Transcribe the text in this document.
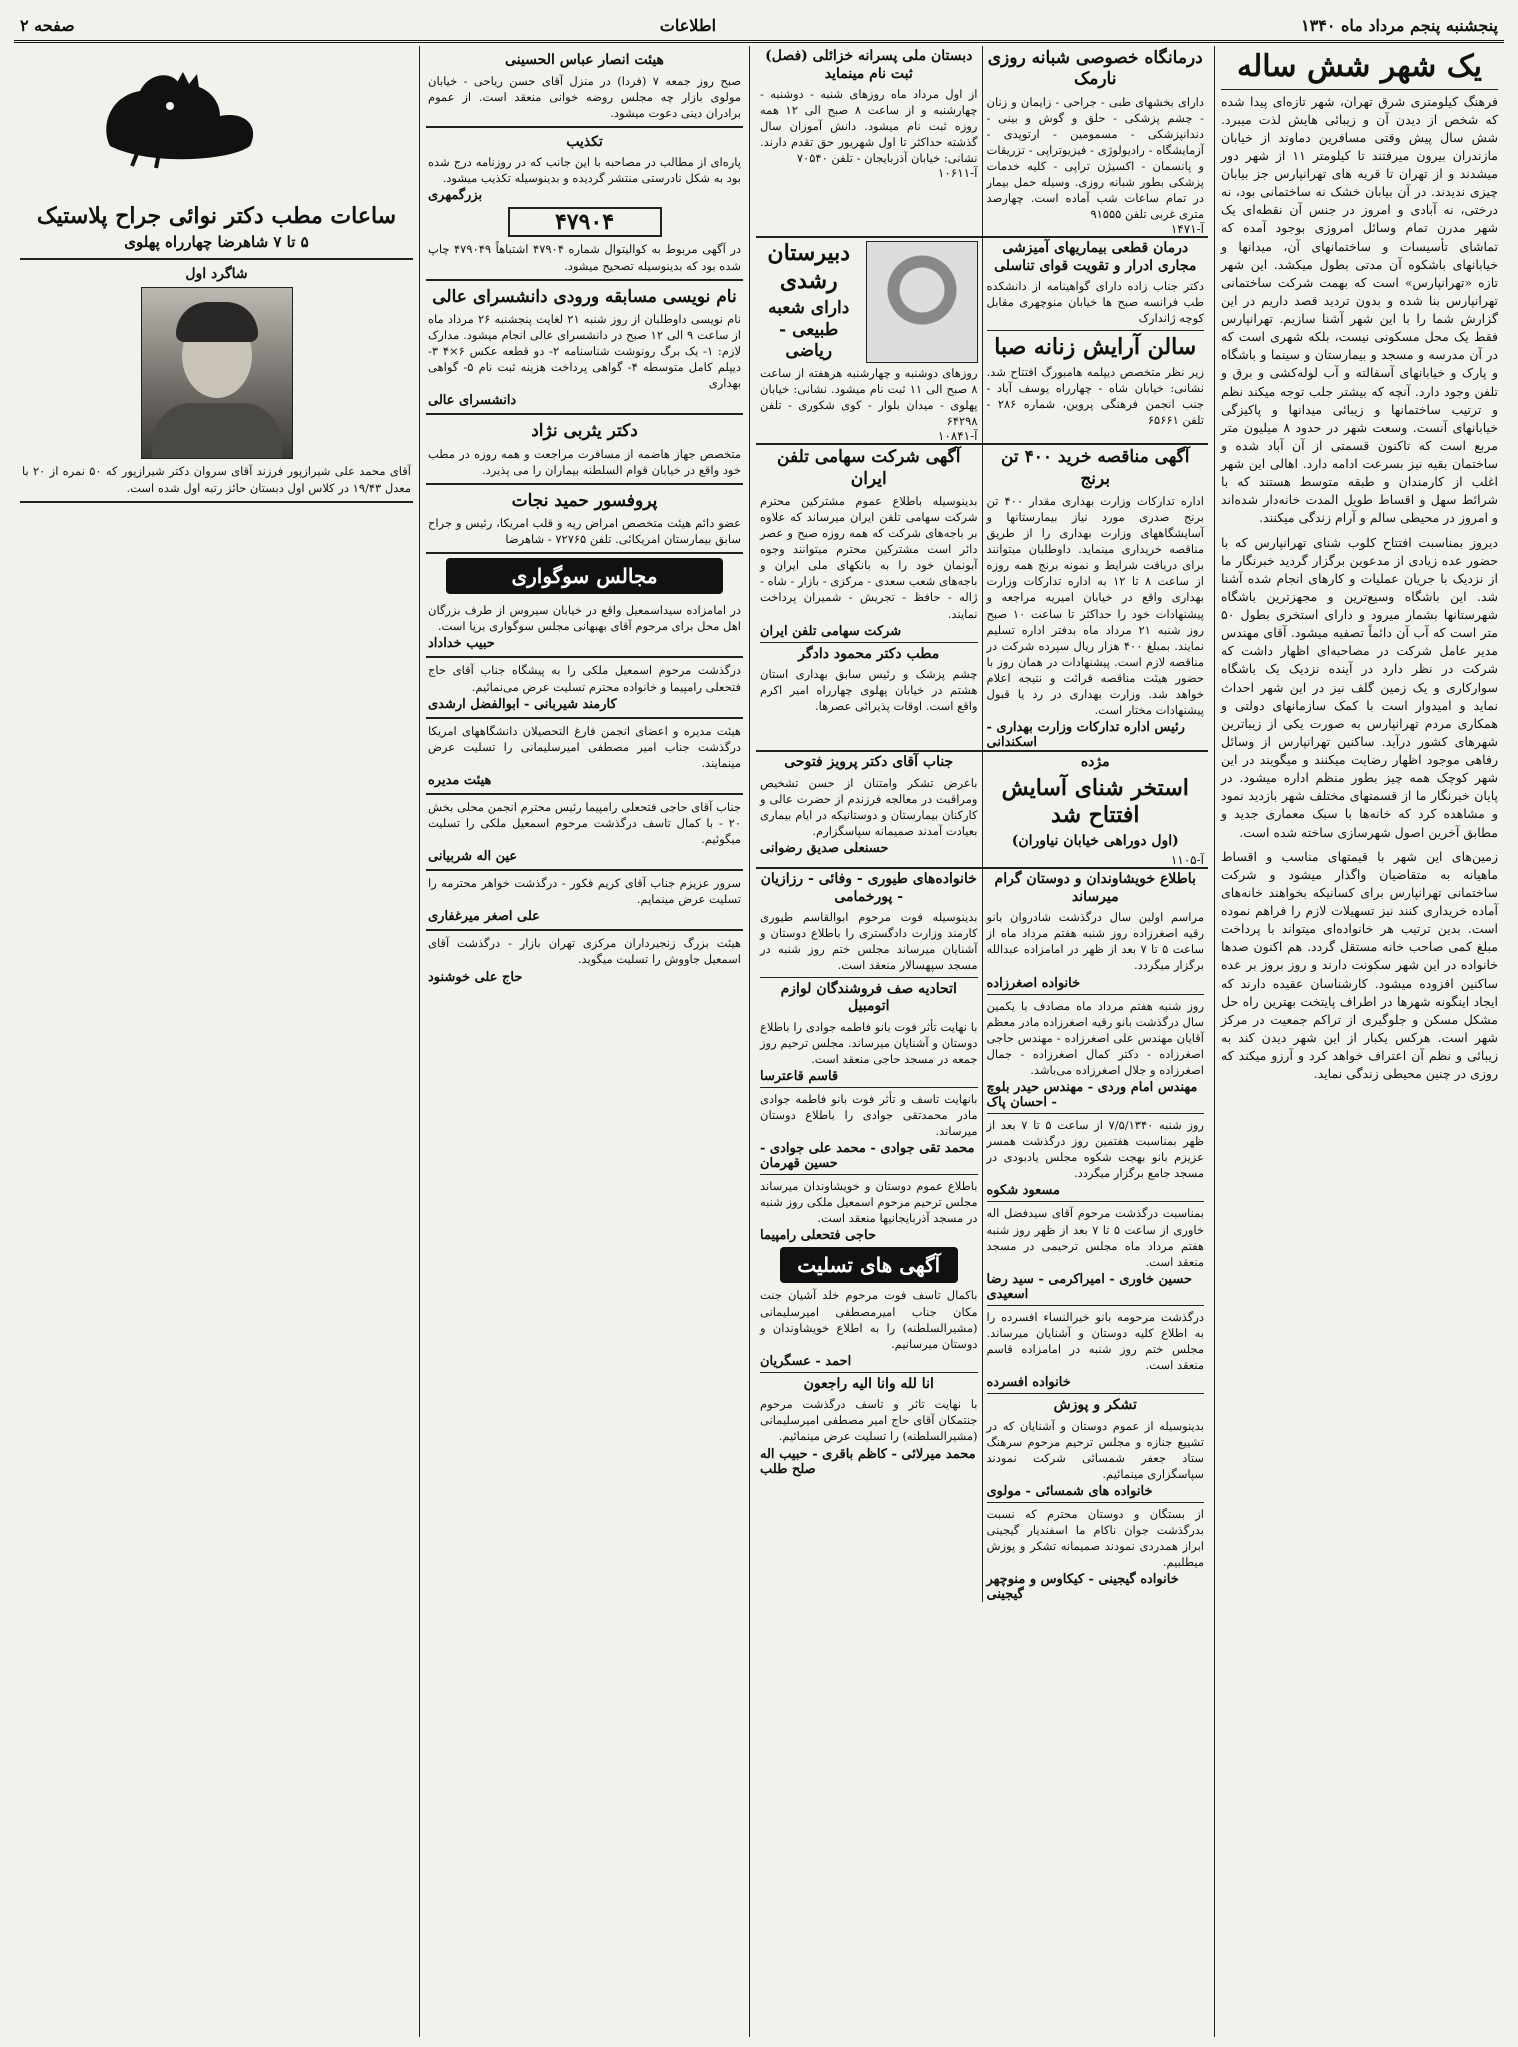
پنجشنبه پنجم مرداد ماه ۱۳۴۰
اطلاعات
صفحه ۲
یک شهر شش ساله
فرهنگ کیلومتری شرق تهران، شهر تازه‌ای پیدا شده که شخص از دیدن آن و زیبائی هایش لذت میبرد. شش سال پیش وقتی مسافرین دماوند از خیابان مازندران بیرون میرفتند تا کیلومتر ۱۱ از شهر دور میشدند و از تهران تا قریه های تهرانپارس جز بیابان چیزی ندیدند. در آن بیابان خشک نه ساختمانی بود، نه درختی، نه آبادی و امروز در جنس آن نقطه‌ای یک شهر مدرن تمام وسائل امروزی بوجود آمده که تماشای تأسیسات و ساختمانهای آن، میدانها و خیابانهای باشکوه آن مدتی بطول میکشد. این شهر تازه «تهرانپارس» است که بهمت شرکت ساختمانی تهرانپارس بنا شده و بدون تردید قصد داریم در این گزارش شما را با این شهر آشنا سازیم. تهرانپارس فقط یک محل مسکونی نیست، بلکه شهری است که در آن مدرسه و مسجد و بیمارستان و سینما و باشگاه و پارک و خیابانهای آسفالته و آب لوله‌کشی و برق و تلفن وجود دارد. آنچه که بیشتر جلب توجه میکند نظم و ترتیب ساختمانها و زیبائی میدانها و پاکیزگی خیابانهای آنست. وسعت شهر در حدود ۸ میلیون متر مربع است که تاکنون قسمتی از آن آباد شده و ساختمان بقیه نیز بسرعت ادامه دارد. اهالی این شهر اغلب از کارمندان و طبقه متوسط هستند که با شرائط سهل و اقساط طویل المدت خانه‌دار شده‌اند و امروز در محیطی سالم و آرام زندگی میکنند.
دیروز بمناسبت افتتاح کلوب شنای تهرانپارس که با حضور عده زیادی از مدعوین برگزار گردید خبرنگار ما از نزدیک با جریان عملیات و کارهای انجام شده آشنا شد. این باشگاه وسیع‌ترین و مجهزترین باشگاه شهرستانها بشمار میرود و دارای استخری بطول ۵۰ متر است که آب آن دائماً تصفیه میشود. آقای مهندس مدیر عامل شرکت در مصاحبه‌ای اظهار داشت که شرکت در نظر دارد در آینده نزدیک یک باشگاه سوارکاری و یک زمین گلف نیز در این شهر احداث نماید و امیدوار است با کمک سازمانهای دولتی و همکاری مردم تهرانپارس به صورت یکی از زیباترین شهرهای کشور درآید. ساکنین تهرانپارس از وسائل رفاهی موجود اظهار رضایت میکنند و میگویند در این شهر کوچک همه چیز بطور منظم اداره میشود. در پایان خبرنگار ما از قسمتهای مختلف شهر بازدید نمود و مشاهده کرد که خانه‌ها با سبک معماری جدید و مطابق آخرین اصول شهرسازی ساخته شده است.
زمین‌های این شهر با قیمتهای مناسب و اقساط ماهیانه به متقاضیان واگذار میشود و شرکت ساختمانی تهرانپارس برای کسانیکه بخواهند خانه‌های آماده خریداری کنند نیز تسهیلات لازم را فراهم نموده است. بدین ترتیب هر خانواده‌ای میتواند با پرداخت مبلغ کمی صاحب خانه مستقل گردد. هم اکنون صدها خانواده در این شهر سکونت دارند و روز بروز بر عده ساکنین افزوده میشود. کارشناسان عقیده دارند که ایجاد اینگونه شهرها در اطراف پایتخت بهترین راه حل مشکل مسکن و جلوگیری از تراکم جمعیت در مرکز شهر است. هرکس یکبار از این شهر دیدن کند به زیبائی و نظم آن اعتراف خواهد کرد و آرزو میکند که روزی در چنین محیطی زندگی نماید.
درمانگاه خصوصی شبانه روزی نارمک
دارای بخشهای طبی - جراحی - زایمان و زنان - چشم پزشکی - حلق و گوش و بینی - دندانپزشکی - مسمومین - ارتوپدی - آزمایشگاه - رادیولوژی - فیزیوتراپی - تزریقات و پانسمان - اکسیژن تراپی - کلیه خدمات پزشکی بطور شبانه روزی. وسیله حمل بیمار در تمام ساعات شب آماده است. چهارصد متری غربی تلفن ۹۱۵۵۵
آ-۱۴۷۱
دبستان ملی پسرانه خزائلی (فصل) ثبت نام مینماید
از اول مرداد ماه روزهای شنبه - دوشنبه - چهارشنبه و از ساعت ۸ صبح الی ۱۲ همه روزه ثبت نام میشود. دانش آموزان سال گذشته حداکثر تا اول شهریور حق تقدم دارند. نشانی: خیابان آذربایجان - تلفن ۷۰۵۴۰
آ-۱۰۶۱۱
درمان قطعی بیماریهای آمیزشی مجاری ادرار و تقویت قوای تناسلی
دکتر جناب زاده دارای گواهینامه از دانشکده طب فرانسه صبح ها خیابان منوچهری مقابل کوچه ژاندارک
سالن آرایش زنانه صبا
زیر نظر متخصص دیپلمه هامبورگ افتتاح شد. نشانی: خیابان شاه - چهارراه یوسف آباد - جنب انجمن فرهنگی پروین، شماره ۲۸۶ - تلفن ۶۵۶۶۱
دبیرستان رشدی
دارای شعبه طبیعی - ریاضی
روزهای دوشنبه و چهارشنبه هرهفته از ساعت ۸ صبح الی ۱۱ ثبت نام میشود. نشانی: خیابان پهلوی - میدان بلوار - کوی شکوری - تلفن ۶۴۲۹۸
آ-۱۰۸۴۱
آگهی مناقصه خرید ۴۰۰ تن برنج
اداره تدارکات وزارت بهداری مقدار ۴۰۰ تن برنج صدری مورد نیاز بیمارستانها و آسایشگاههای وزارت بهداری را از طریق مناقصه خریداری مینماید. داوطلبان میتوانند برای دریافت شرایط و نمونه برنج همه روزه از ساعت ۸ تا ۱۲ به اداره تدارکات وزارت بهداری واقع در خیابان امیریه مراجعه و پیشنهادات خود را حداکثر تا ساعت ۱۰ صبح روز شنبه ۲۱ مرداد ماه بدفتر اداره تسلیم نمایند. بمبلغ ۴۰۰ هزار ریال سپرده شرکت در مناقصه لازم است. پیشنهادات در همان روز با حضور هیئت مناقصه قرائت و نتیجه اعلام خواهد شد. وزارت بهداری در رد یا قبول پیشنهادات مختار است.
رئیس اداره تدارکات وزارت بهداری - اسکندانی
آگهی شرکت سهامی تلفن ایران
بدینوسیله باطلاع عموم مشترکین محترم شرکت سهامی تلفن ایران میرساند که علاوه بر باجه‌های شرکت که همه روزه صبح و عصر دائر است مشترکین محترم میتوانند وجوه آبونمان خود را به بانکهای ملی ایران و باجه‌های شعب سعدی - مرکزی - بازار - شاه - ژاله - حافظ - تجریش - شمیران پرداخت نمایند.
شرکت سهامی تلفن ایران
مطب دکتر محمود دادگر
چشم پزشک و رئیس سابق بهداری استان هشتم در خیابان پهلوی چهارراه امیر اکرم واقع است. اوقات پذیرائی عصرها.
مژده
استخر شنای آسایش افتتاح شد
(اول دوراهی خیابان نیاوران)
آ-۱۱۰۵
جناب آقای دکتر پرویز فتوحی
باعرض تشکر وامتنان از حسن تشخیص ومراقبت در معالجه فرزندم از حضرت عالی و کارکنان بیمارستان و دوستانیکه در ایام بیماری بعیادت آمدند صمیمانه سپاسگزارم.
حسنعلی صدیق رضوانی
باطلاع خویشاوندان و دوستان گرام میرساند
مراسم اولین سال درگذشت شادروان بانو رقیه اصغرزاده روز شنبه هفتم مرداد ماه از ساعت ۵ تا ۷ بعد از ظهر در امامزاده عبدالله برگزار میگردد.
خانواده اصغرزاده
روز شنبه هفتم مرداد ماه مصادف با یکمین سال درگذشت بانو رقیه اصغرزاده مادر معظم آقایان مهندس علی اصغرزاده - مهندس حاجی اصغرزاده - دکتر کمال اصغرزاده - جمال اصغرزاده و جلال اصغرزاده می‌باشد.
مهندس امام وردی - مهندس حیدر بلوچ - احسان پاک
روز شنبه ۷/۵/۱۳۴۰ از ساعت ۵ تا ۷ بعد از ظهر بمناسبت هفتمین روز درگذشت همسر عزیزم بانو بهجت شکوه مجلس یادبودی در مسجد جامع برگزار میگردد.
مسعود شکوه
بمناسبت درگذشت مرحوم آقای سیدفضل اله خاوری از ساعت ۵ تا ۷ بعد از ظهر روز شنبه هفتم مرداد ماه مجلس ترحیمی در مسجد منعقد است.
حسین خاوری - امیراکرمی - سید رضا اسعیدی
درگذشت مرحومه بانو خیرالنساء افسرده را به اطلاع کلیه دوستان و آشنایان میرساند. مجلس ختم روز شنبه در امامزاده قاسم منعقد است.
خانواده افسرده
تشکر و پوزش
بدینوسیله از عموم دوستان و آشنایان که در تشییع جنازه و مجلس ترحیم مرحوم سرهنگ ستاد جعفر شمسائی شرکت نمودند سپاسگزاری مینمائیم.
خانواده های شمسائی - مولوی
از بستگان و دوستان محترم که نسبت بدرگذشت جوان ناکام ما اسفندیار گیجینی ابراز همدردی نمودند صمیمانه تشکر و پوزش میطلبیم.
خانواده گیجینی - کیکاوس و منوچهر گیجینی
خانواده‌های طیوری - وفائی - رزازیان - پورخمامی
بدینوسیله فوت مرحوم ابوالقاسم طیوری کارمند وزارت دادگستری را باطلاع دوستان و آشنایان میرساند مجلس ختم روز شنبه در مسجد سپهسالار منعقد است.
اتحادیه صف فروشندگان لوازم اتومبیل
با نهایت تأثر فوت بانو فاطمه جوادی را باطلاع دوستان و آشنایان میرساند. مجلس ترحیم روز جمعه در مسجد حاجی منعقد است.
قاسم قاعترسا
بانهایت تاسف و تأثر فوت بانو فاطمه جوادی مادر محمدتقی جوادی را باطلاع دوستان میرساند.
محمد تقی جوادی - محمد علی جوادی - حسین قهرمان
باطلاع عموم دوستان و خویشاوندان میرساند مجلس ترحیم مرحوم اسمعیل ملکی روز شنبه در مسجد آذربایجانیها منعقد است.
حاجی فتحعلی رامپیما
آگهی های تسلیت
باکمال تاسف فوت مرحوم خلد آشیان جنت مکان جناب امیرمصطفی امیرسلیمانی (مشیرالسلطنه) را به اطلاع خویشاوندان و دوستان میرسانیم.
احمد - عسگریان
انا لله وانا الیه راجعون
با نهایت تاثر و تاسف درگذشت مرحوم جنتمکان آقای حاج امیر مصطفی امیرسلیمانی (مشیرالسلطنه) را تسلیت عرض مینمائیم.
محمد میرلائی - کاظم باقری - حبیب اله صلح طلب
هیئت انصار عباس الحسینی
صبح روز جمعه ۷ (فردا) در منزل آقای حسن ریاحی - خیابان مولوی بازار چه مجلس روضه خوانی منعقد است. از عموم برادران دینی دعوت میشود.
تکذیب
پاره‌ای از مطالب در مصاحبه با این جانب که در روزنامه درج شده بود به شکل نادرستی منتشر گردیده و بدینوسیله تکذیب میشود.
بزرگمهری
۴۷۹۰۴
در آگهی مربوط به کوالیتوال شماره ۴۷۹۰۴ اشتباهاً ۴۷۹۰۴۹ چاپ شده بود که بدینوسیله تصحیح میشود.
نام نویسی مسابقه ورودی دانشسرای عالی
نام نویسی داوطلبان از روز شنبه ۲۱ لغایت پنجشنبه ۲۶ مرداد ماه از ساعت ۹ الی ۱۲ صبح در دانشسرای عالی انجام میشود. مدارک لازم: ۱- یک برگ رونوشت شناسنامه ۲- دو قطعه عکس ۶×۴ ۳- دیپلم کامل متوسطه ۴- گواهی پرداخت هزینه ثبت نام ۵- گواهی بهداری
دانشسرای عالی
دکتر یثربی نژاد
متخصص جهاز هاضمه از مسافرت مراجعت و همه روزه در مطب خود واقع در خیابان قوام السلطنه بیماران را می پذیرد.
پروفسور حمید نجات
عضو دائم هیئت متخصص امراض ریه و قلب امریکا، رئیس و جراح سابق بیمارستان امریکائی. تلفن ۷۲۷۶۵ - شاهرضا
مجالس سوگواری
در امامزاده سیداسمعیل واقع در خیابان سیروس از طرف بزرگان اهل محل برای مرحوم آقای بهبهانی مجلس سوگواری برپا است.
حبیب خداداد
درگذشت مرحوم اسمعیل ملکی را به پیشگاه جناب آقای حاج فتحعلی رامپیما و خانواده محترم تسلیت عرض می‌نمائیم.
کارمند شیربانی - ابوالفضل ارشدی
هیئت مدیره و اعضای انجمن فارغ التحصیلان دانشگاههای امریکا درگذشت جناب امیر مصطفی امیرسلیمانی را تسلیت عرض مینمایند.
هیئت مدیره
جناب آقای حاجی فتحعلی رامپیما رئیس محترم انجمن محلی بخش ۲۰ - با کمال تاسف درگذشت مرحوم اسمعیل ملکی را تسلیت میگوئیم.
عین اله شربیانی
سرور عزیزم جناب آقای کریم فکور - درگذشت خواهر محترمه را تسلیت عرض مینمایم.
علی اصغر میرغفاری
هیئت بزرگ زنجیرداران مرکزی تهران بازار - درگذشت آقای اسمعیل جاووش را تسلیت میگوید.
حاج علی خوشنود
ساعات مطب دکتر نوائی جراح پلاستیک
۵ تا ۷ شاهرضا چهارراه پهلوی
شاگرد اول
آقای محمد علی شیرازپور فرزند آقای سروان دکتر شیرازپور که ۵۰ نمره از ۲۰ با معدل ۱۹/۴۳ در کلاس اول دبستان حائز رتبه اول شده است.
